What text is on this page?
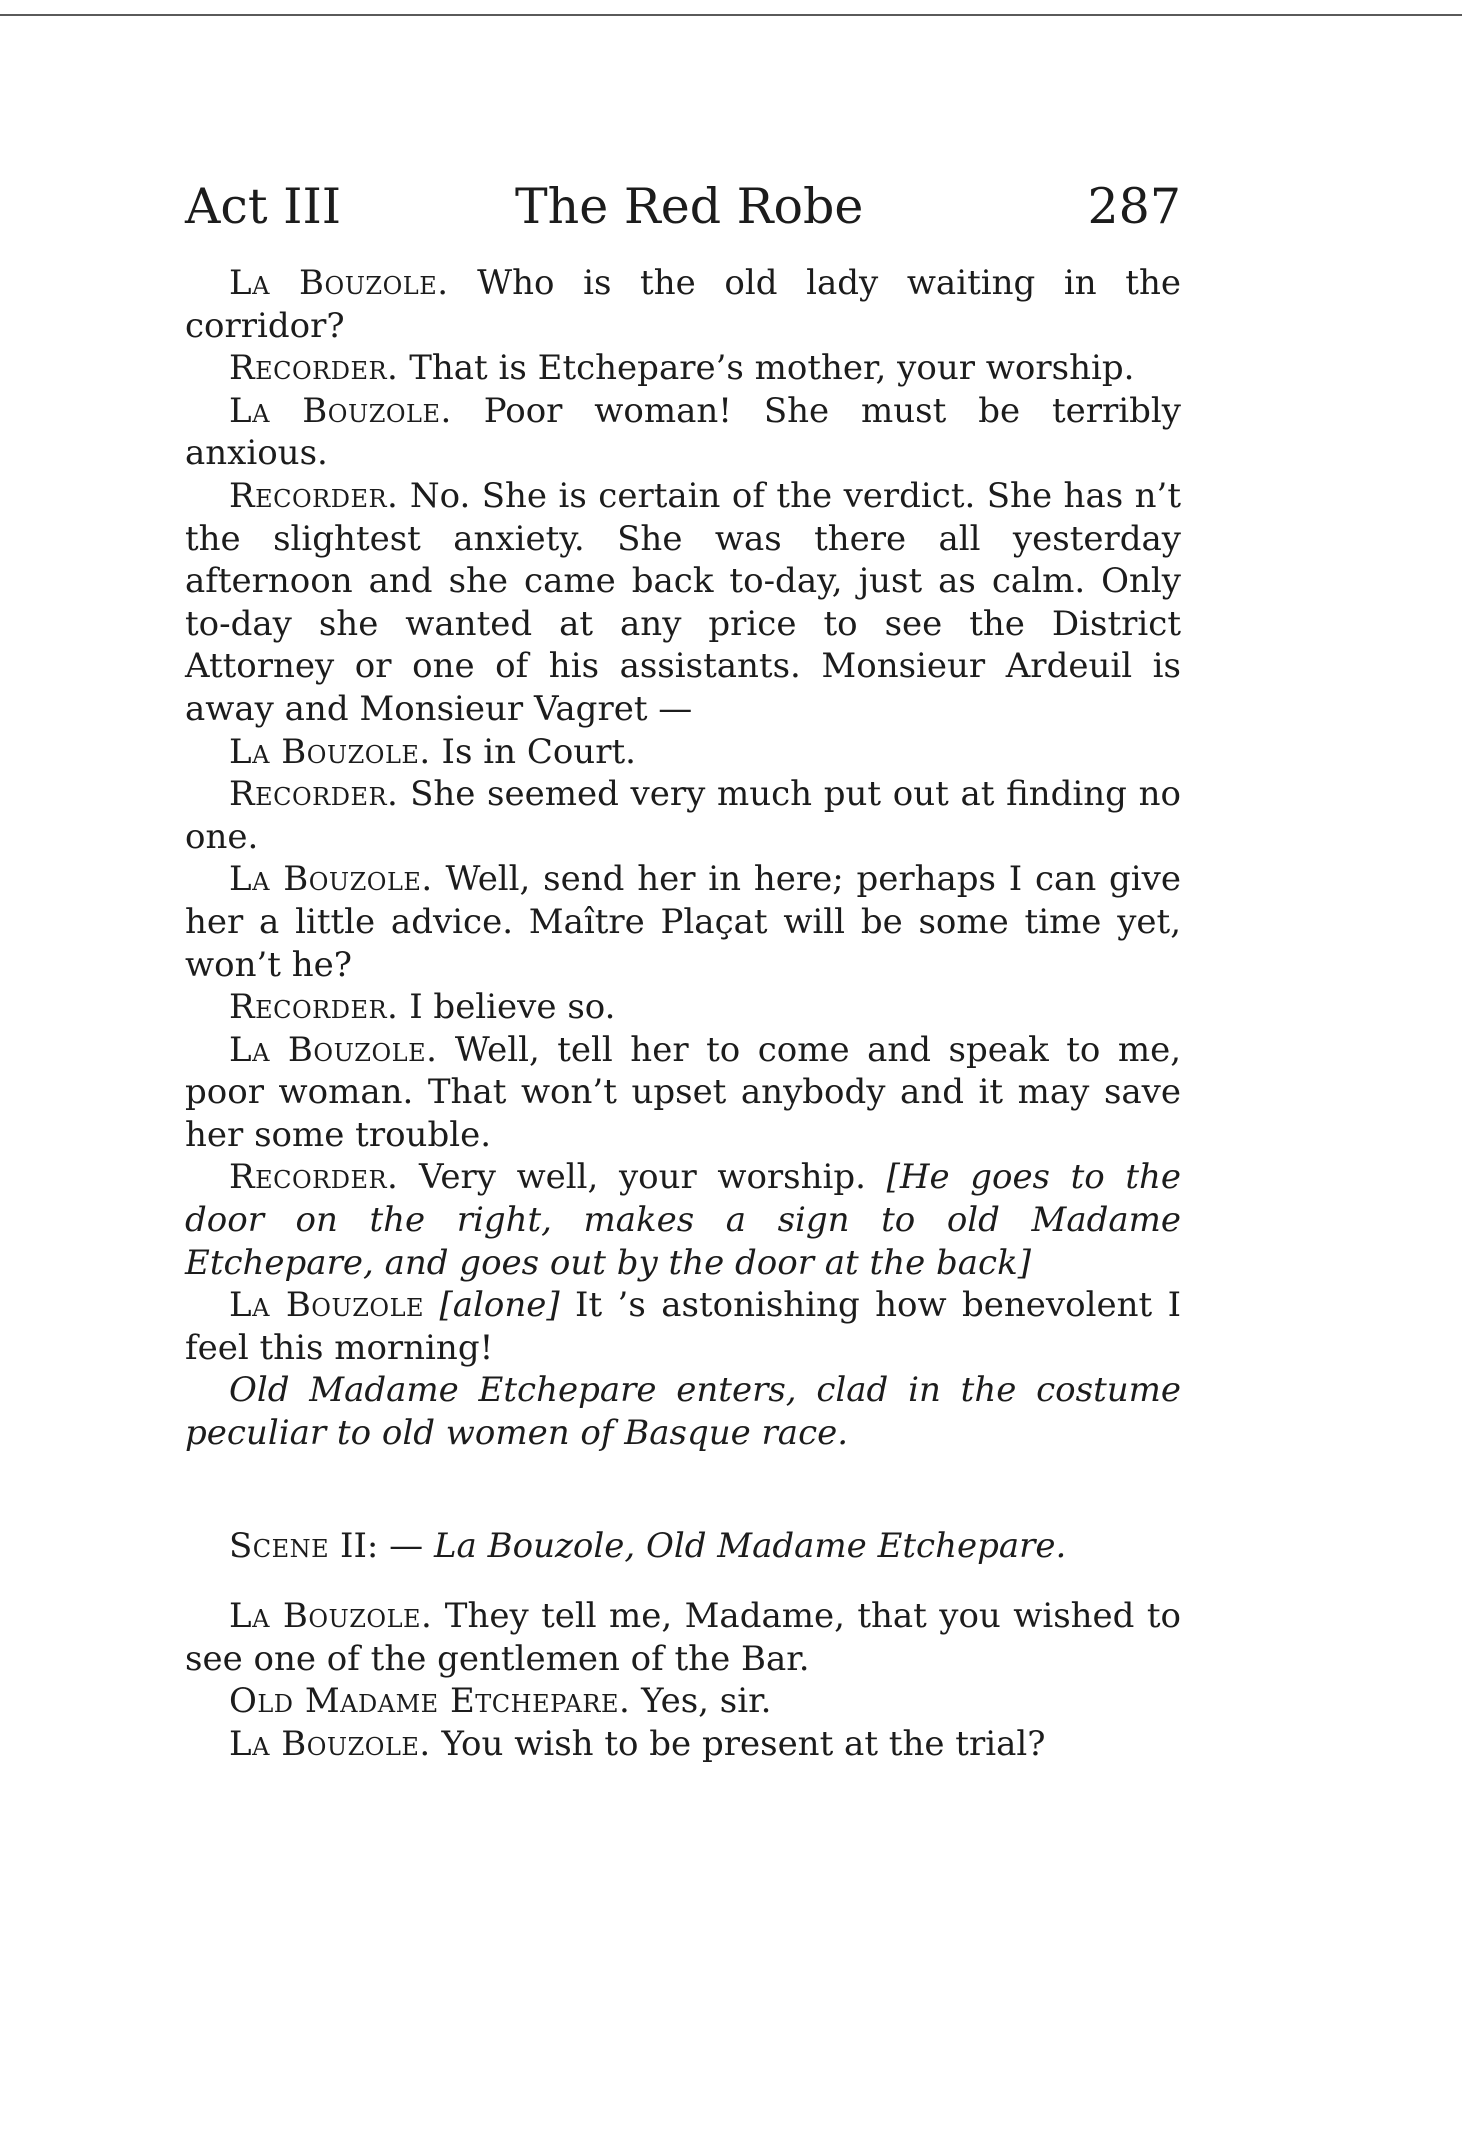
Act III	The Red Robe	287

La Bouzole. Who is the old lady waiting in the corridor?

Recorder. That is Etchepare’s mother, your worship.

La Bouzole. Poor woman! She must be terribly anxious.

Recorder. No. She is certain of the verdict. She has n’t the slightest anxiety. She was there all yesterday afternoon and she came back to-day, just as calm. Only to-day she wanted at any price to see the District Attorney or one of his assistants. Monsieur Ardeuil is away and Monsieur Vagret —

La Bouzole. Is in Court.

Recorder. She seemed very much put out at finding no one.

La Bouzole. Well, send her in here; perhaps I can give her a little advice. Maître Plaçat will be some time yet, won’t he?

Recorder. I believe so.

La Bouzole. Well, tell her to come and speak to me, poor woman. That won’t upset anybody and it may save her some trouble.

Recorder. Very well, your worship. [He goes to the door on the right, makes a sign to old Madame Etchepare, and goes out by the door at the back]

La Bouzole [alone] It ’s astonishing how benevolent I feel this morning!

Old Madame Etchepare enters, clad in the costume peculiar to old women of Basque race.

Scene II: — La Bouzole, Old Madame Etchepare.

La Bouzole. They tell me, Madame, that you wished to see one of the gentlemen of the Bar.

Old Madame Etchepare. Yes, sir.

La Bouzole. You wish to be present at the trial?
